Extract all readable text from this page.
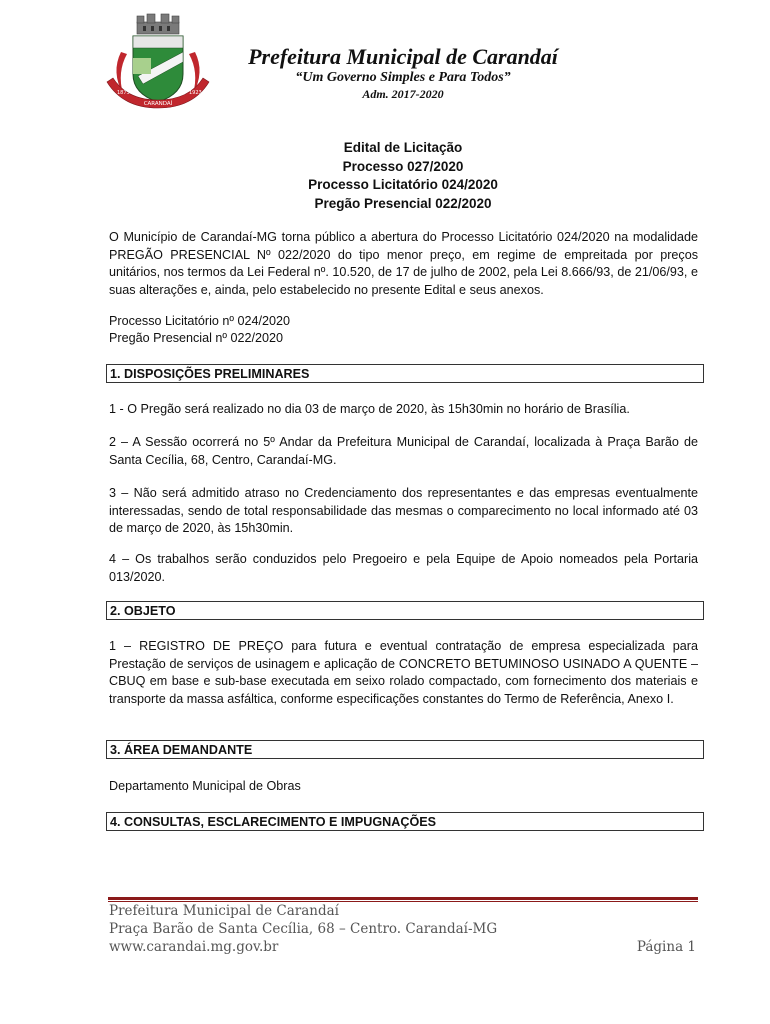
1873
CARANDAÍ
1923
Prefeitura Municipal de Carandaí
“Um Governo Simples e Para Todos”
Adm. 2017-2020
Edital de Licitação
Processo 027/2020
Processo Licitatório 024/2020
Pregão Presencial 022/2020

O Município de Carandaí-MG torna público a abertura do Processo Licitatório 024/2020 na modalidade PREGÃO PRESENCIAL Nº 022/2020 do tipo menor preço, em regime de empreitada por preços unitários, nos termos da Lei Federal nº. 10.520, de 17 de julho de 2002, pela Lei 8.666/93, de 21/06/93, e suas alterações e, ainda, pelo estabelecido no presente Edital e seus anexos.

Processo Licitatório nº 024/2020

Pregão Presencial nº 022/2020

1. DISPOSIÇÕES PRELIMINARES

1 - O Pregão será realizado no dia 03 de março de 2020, às 15h30min no horário de Brasília.

2 – A Sessão ocorrerá no 5º Andar da Prefeitura Municipal de Carandaí, localizada à Praça Barão de Santa Cecília, 68, Centro, Carandaí-MG.

3 – Não será admitido atraso no Credenciamento dos representantes e das empresas eventualmente interessadas, sendo de total responsabilidade das mesmas o comparecimento no local informado até 03 de março de 2020, às 15h30min.

4 – Os trabalhos serão conduzidos pelo Pregoeiro e pela Equipe de Apoio nomeados pela Portaria 013/2020.

2. OBJETO

1 – REGISTRO DE PREÇO para futura e eventual contratação de empresa especializada para Prestação de serviços de usinagem e aplicação de CONCRETO BETUMINOSO USINADO A QUENTE – CBUQ em base e sub-base executada em seixo rolado compactado, com fornecimento dos materiais e transporte da massa asfáltica, conforme especificações constantes do Termo de Referência, Anexo I.

3. ÁREA DEMANDANTE

Departamento Municipal de Obras

4. CONSULTAS, ESCLARECIMENTO E IMPUGNAÇÕES
Prefeitura Municipal de Carandaí
Praça Barão de Santa Cecília, 68 – Centro. Carandaí-MG
www.carandai.mg.gov.br	Página 1
